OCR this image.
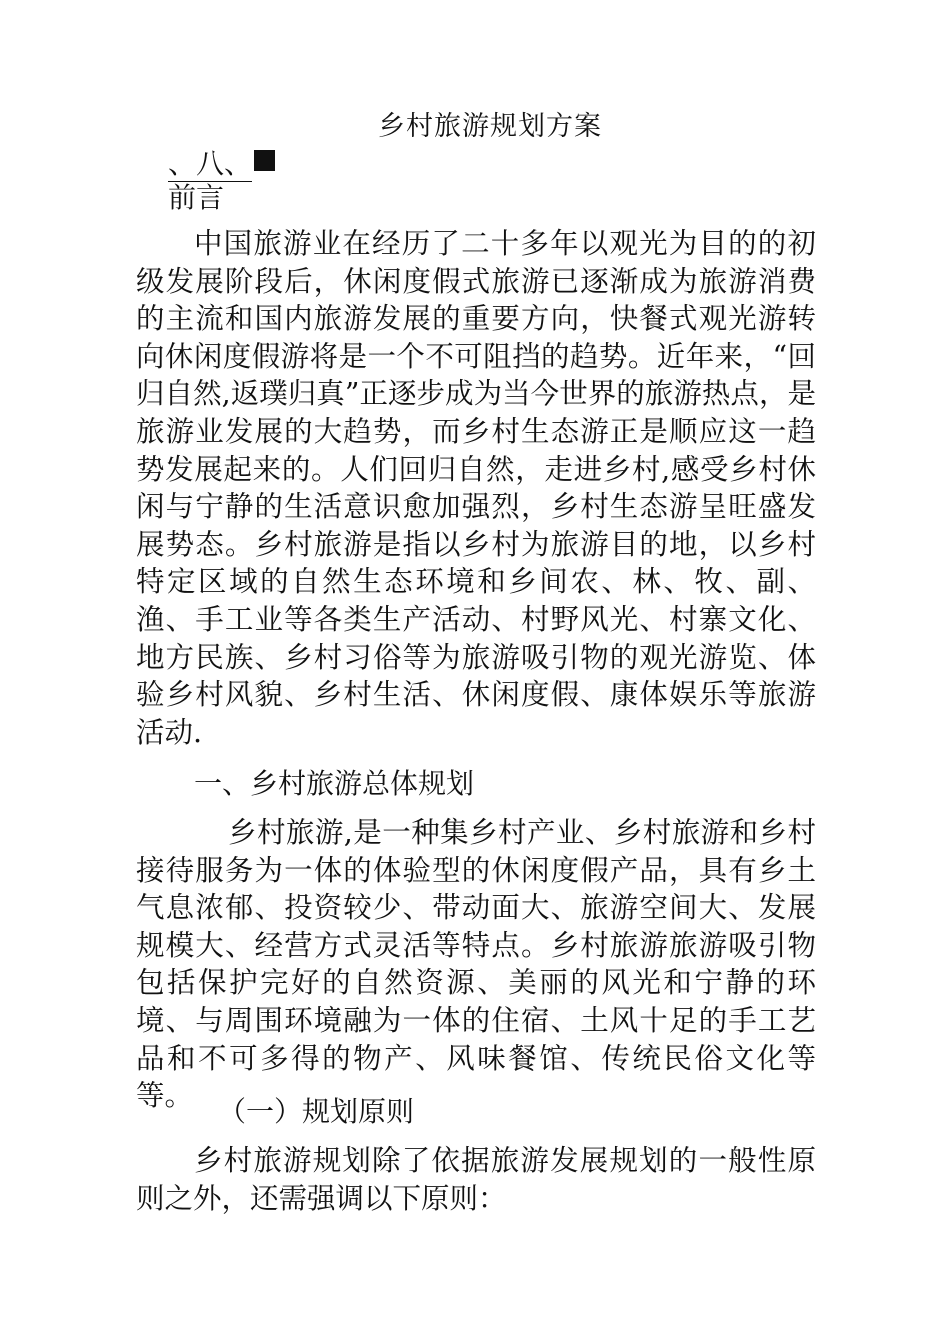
乡村旅游规划方案
、八、
前言

中国旅游业在经历了二十多年以观光为目的的初级发展阶段后，休闲度假式旅游已逐渐成为旅游消费的主流和国内旅游发展的重要方向，快餐式观光游转向休闲度假游将是一个不可阻挡的趋势。近年来，“回归自然,返璞归真”正逐步成为当今世界的旅游热点，是旅游业发展的大趋势，而乡村生态游正是顺应这一趋势发展起来的。人们回归自然，走进乡村,感受乡村休闲与宁静的生活意识愈加强烈，乡村生态游呈旺盛发展势态。乡村旅游是指以乡村为旅游目的地，以乡村特定区域的自然生态环境和乡间农、林、牧、副、渔、手工业等各类生产活动、村野风光、村寨文化、地方民族、乡村习俗等为旅游吸引物的观光游览、体验乡村风貌、乡村生活、休闲度假、康体娱乐等旅游活动.

一、乡村旅游总体规划

乡村旅游,是一种集乡村产业、乡村旅游和乡村接待服务为一体的体验型的休闲度假产品，具有乡土气息浓郁、投资较少、带动面大、旅游空间大、发展规模大、经营方式灵活等特点。乡村旅游旅游吸引物包括保护完好的自然资源、美丽的风光和宁静的环境、与周围环境融为一体的住宿、土风十足的手工艺品和不可多得的物产、风味餐馆、传统民俗文化等等。 （一）规划原则

乡村旅游规划除了依据旅游发展规划的一般性原则之外，还需强调以下原则：
